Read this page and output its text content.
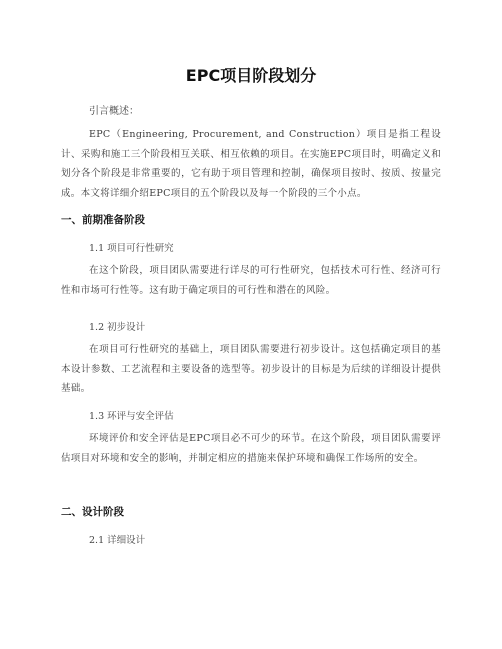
EPC项目阶段划分

引言概述：

EPC（Engineering, Procurement, and Construction）项目是指工程设计、采购和施工三个阶段相互关联、相互依赖的项目。在实施EPC项目时，明确定义和划分各个阶段是非常重要的，它有助于项目管理和控制，确保项目按时、按质、按量完成。本文将详细介绍EPC项目的五个阶段以及每一个阶段的三个小点。

一、前期准备阶段

1.1 项目可行性研究

在这个阶段，项目团队需要进行详尽的可行性研究，包括技术可行性、经济可行性和市场可行性等。这有助于确定项目的可行性和潜在的风险。

1.2 初步设计

在项目可行性研究的基础上，项目团队需要进行初步设计。这包括确定项目的基本设计参数、工艺流程和主要设备的选型等。初步设计的目标是为后续的详细设计提供基础。

1.3 环评与安全评估

环境评价和安全评估是EPC项目必不可少的环节。在这个阶段，项目团队需要评估项目对环境和安全的影响，并制定相应的措施来保护环境和确保工作场所的安全。

二、设计阶段

2.1 详细设计
